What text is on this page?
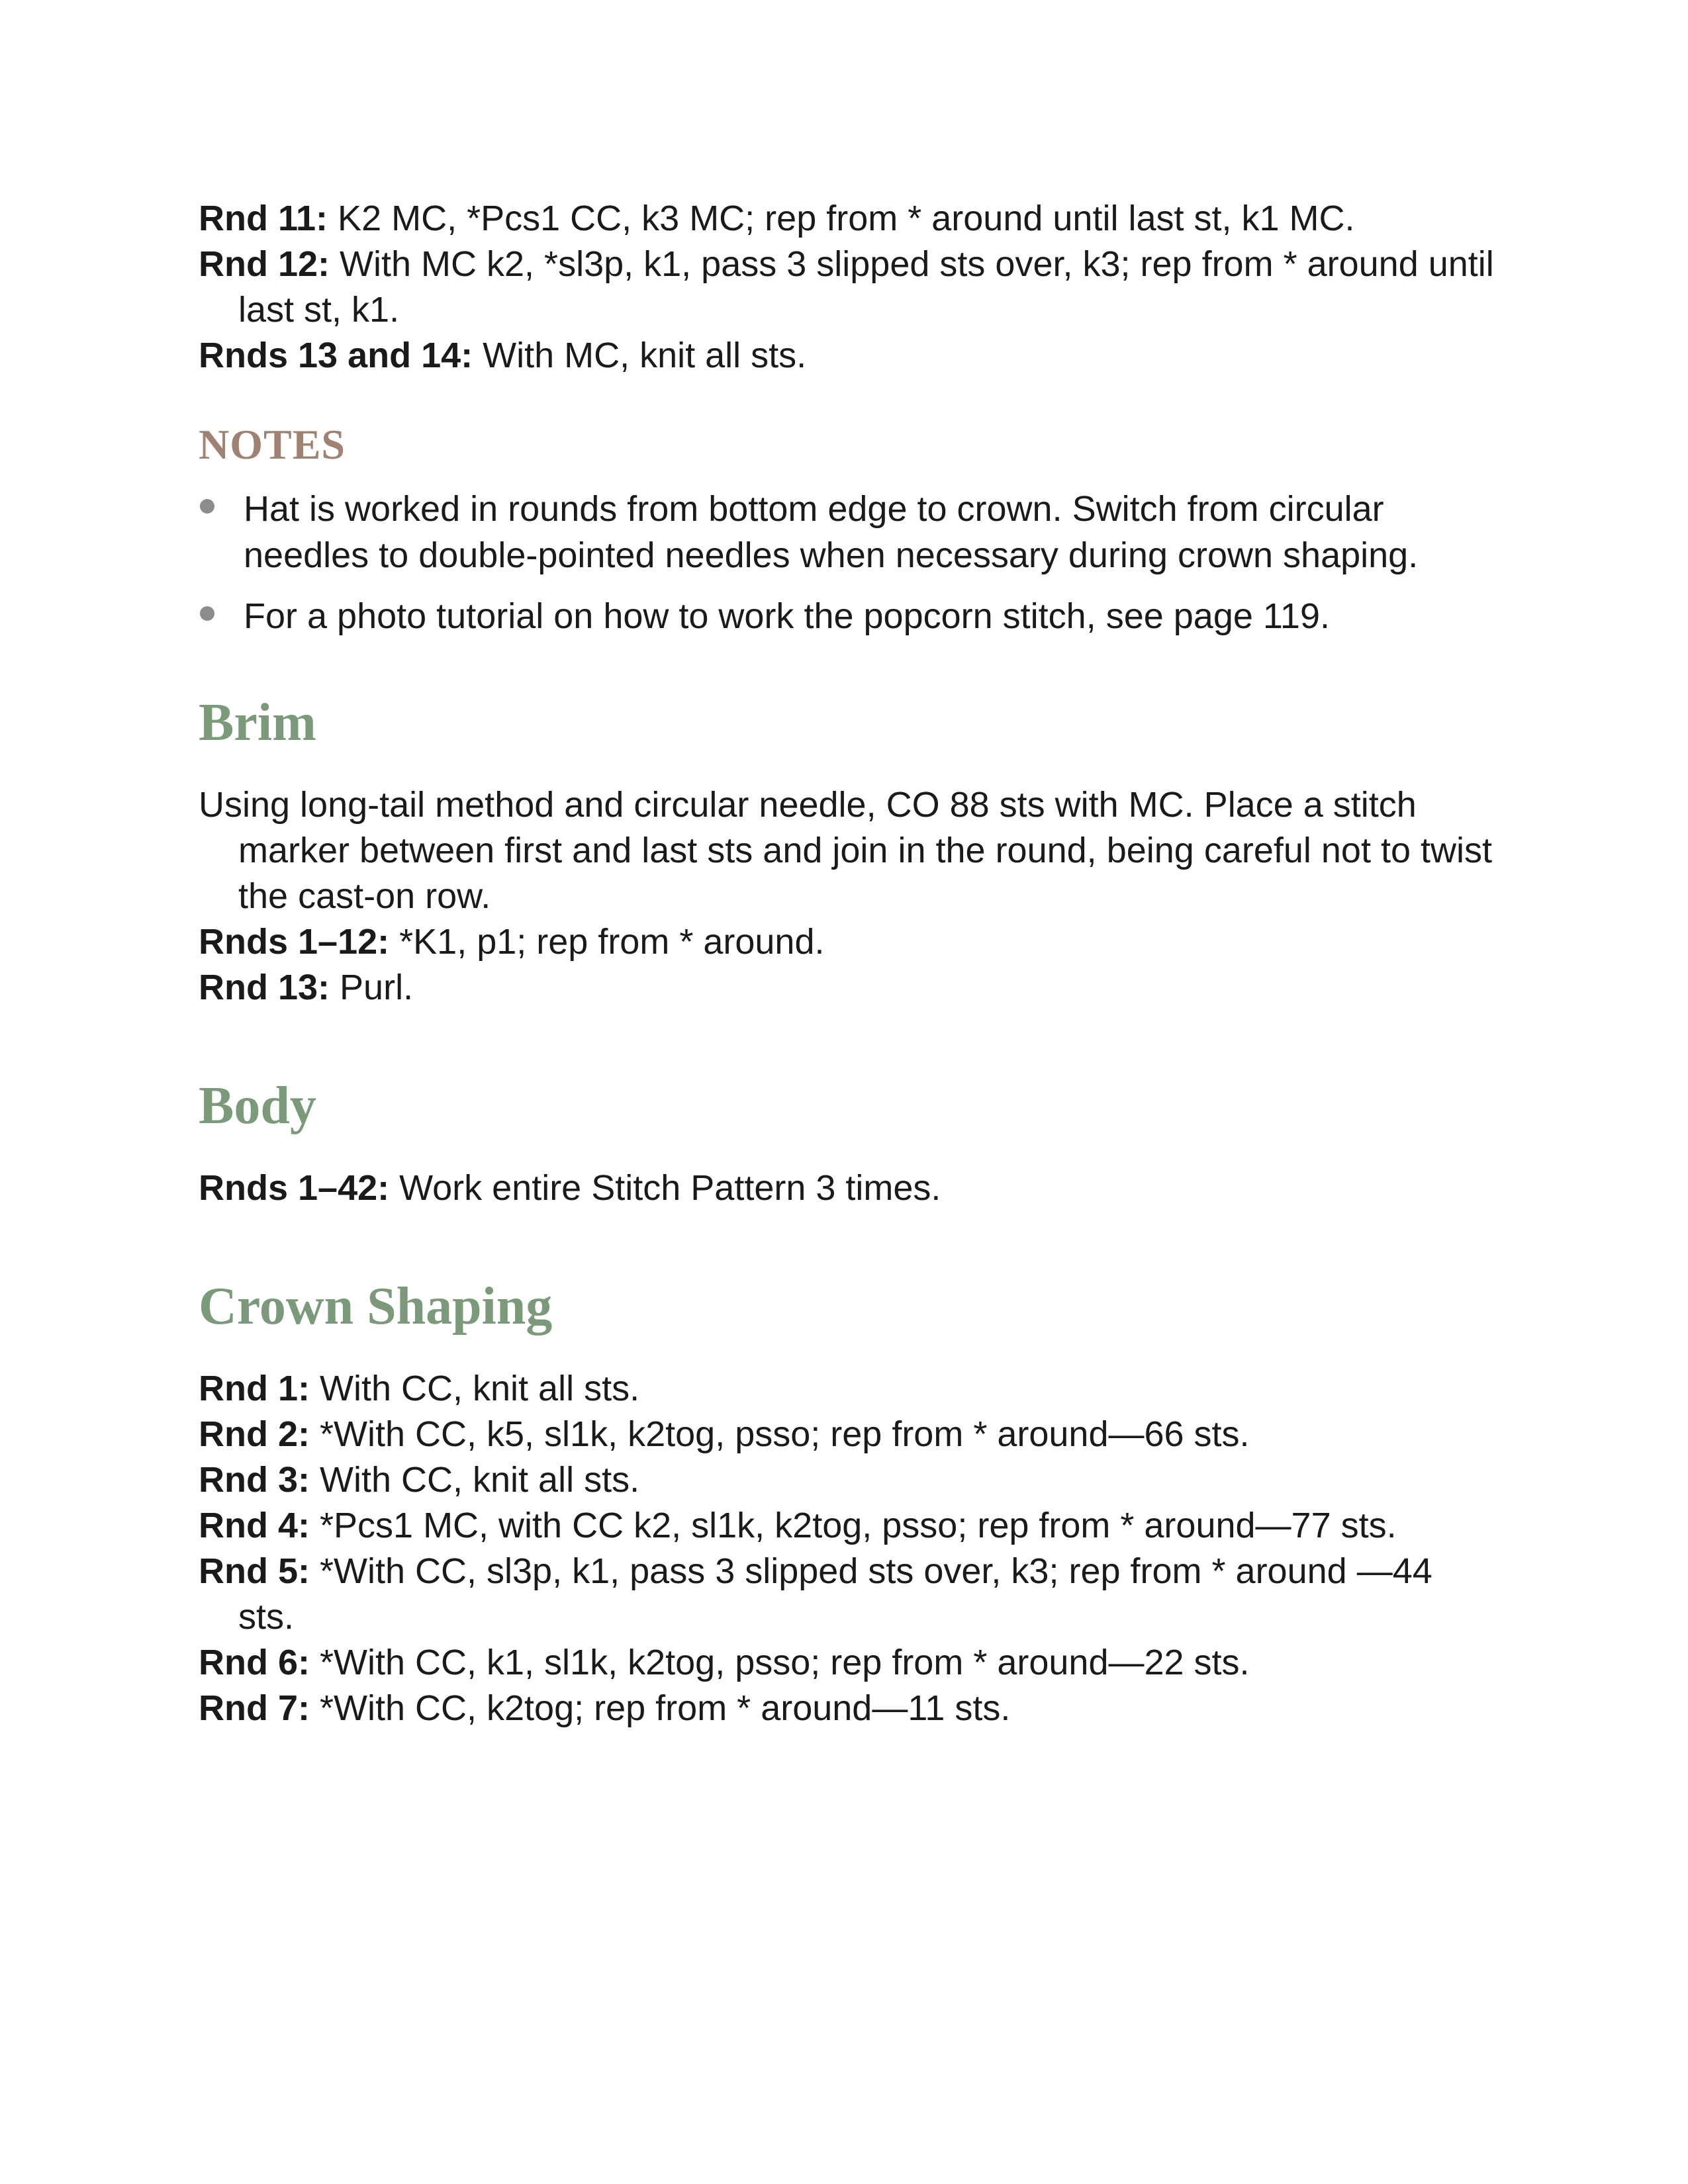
Rnd 11: K2 MC, *Pcs1 CC, k3 MC; rep from * around until last st, k1 MC.

Rnd 12: With MC k2, *sl3p, k1, pass 3 slipped sts over, k3; rep from * around until last st, k1.

Rnds 13 and 14: With MC, knit all sts.

NOTES
Hat is worked in rounds from bottom edge to crown. Switch from circular needles to double-pointed needles when necessary during crown shaping.
For a photo tutorial on how to work the popcorn stitch, see page 119.
Brim

Using long-tail method and circular needle, CO 88 sts with MC. Place a stitch marker between first and last sts and join in the round, being careful not to twist the cast-on row.

Rnds 1–12: *K1, p1; rep from * around.

Rnd 13: Purl.

Body

Rnds 1–42: Work entire Stitch Pattern 3 times.

Crown Shaping

Rnd 1: With CC, knit all sts.

Rnd 2: *With CC, k5, sl1k, k2tog, psso; rep from * around—66 sts.

Rnd 3: With CC, knit all sts.

Rnd 4: *Pcs1 MC, with CC k2, sl1k, k2tog, psso; rep from * around—77 sts.

Rnd 5: *With CC, sl3p, k1, pass 3 slipped sts over, k3; rep from * around —44 sts.

Rnd 6: *With CC, k1, sl1k, k2tog, psso; rep from * around—22 sts.

Rnd 7: *With CC, k2tog; rep from * around—11 sts.
